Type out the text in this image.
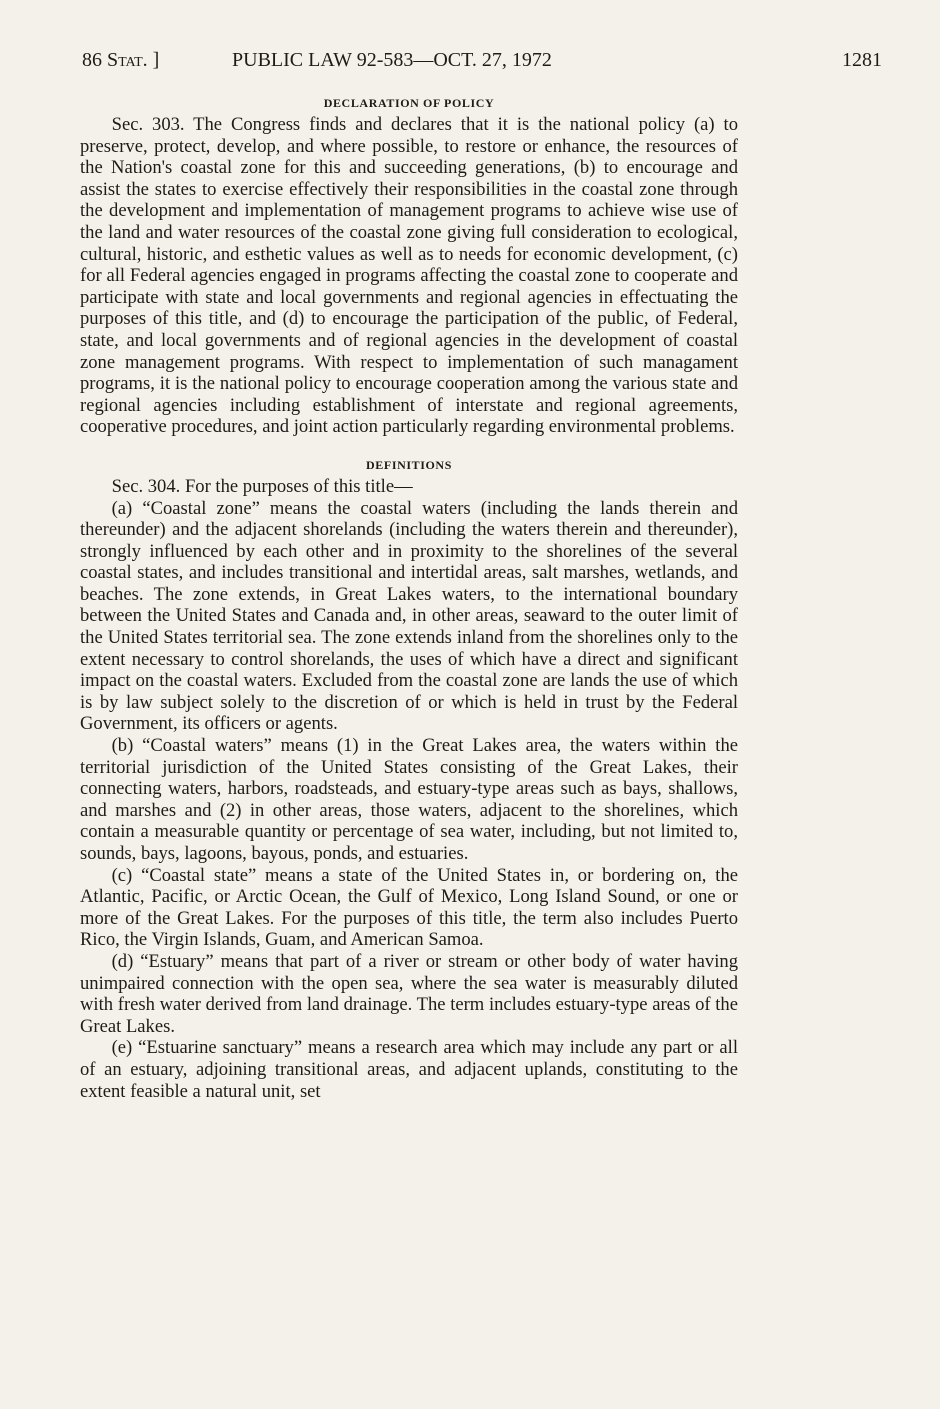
86 Stat. ]	PUBLIC LAW 92-583—OCT. 27, 1972	1281
DECLARATION OF POLICY

Sec. 303. The Congress finds and declares that it is the national policy (a) to preserve, protect, develop, and where possible, to restore or enhance, the resources of the Nation's coastal zone for this and succeeding generations, (b) to encourage and assist the states to exercise effectively their responsibilities in the coastal zone through the development and implementation of management programs to achieve wise use of the land and water resources of the coastal zone giving full consideration to ecological, cultural, historic, and esthetic values as well as to needs for economic development, (c) for all Federal agencies engaged in programs affecting the coastal zone to cooperate and participate with state and local governments and regional agencies in effectuating the purposes of this title, and (d) to encourage the participation of the public, of Federal, state, and local governments and of regional agencies in the development of coastal zone management programs. With respect to implementation of such managament programs, it is the national policy to encourage cooperation among the various state and regional agencies including establishment of interstate and regional agreements, cooperative procedures, and joint action particularly regarding environmental problems.

DEFINITIONS

Sec. 304. For the purposes of this title—

(a) “Coastal zone” means the coastal waters (including the lands therein and thereunder) and the adjacent shorelands (including the waters therein and thereunder), strongly influenced by each other and in proximity to the shorelines of the several coastal states, and includes transitional and intertidal areas, salt marshes, wetlands, and beaches. The zone extends, in Great Lakes waters, to the international boundary between the United States and Canada and, in other areas, seaward to the outer limit of the United States territorial sea. The zone extends inland from the shorelines only to the extent necessary to control shorelands, the uses of which have a direct and significant impact on the coastal waters. Excluded from the coastal zone are lands the use of which is by law subject solely to the discretion of or which is held in trust by the Federal Government, its officers or agents.

(b) “Coastal waters” means (1) in the Great Lakes area, the waters within the territorial jurisdiction of the United States consisting of the Great Lakes, their connecting waters, harbors, roadsteads, and estuary-type areas such as bays, shallows, and marshes and (2) in other areas, those waters, adjacent to the shorelines, which contain a measurable quantity or percentage of sea water, including, but not limited to, sounds, bays, lagoons, bayous, ponds, and estuaries.

(c) “Coastal state” means a state of the United States in, or bordering on, the Atlantic, Pacific, or Arctic Ocean, the Gulf of Mexico, Long Island Sound, or one or more of the Great Lakes. For the purposes of this title, the term also includes Puerto Rico, the Virgin Islands, Guam, and American Samoa.

(d) “Estuary” means that part of a river or stream or other body of water having unimpaired connection with the open sea, where the sea water is measurably diluted with fresh water derived from land drainage. The term includes estuary-type areas of the Great Lakes.

(e) “Estuarine sanctuary” means a research area which may include any part or all of an estuary, adjoining transitional areas, and adjacent uplands, constituting to the extent feasible a natural unit, set
